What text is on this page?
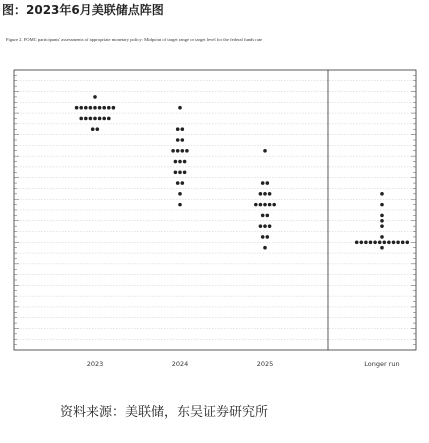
图：2023年6月美联储点阵图
Figure 2. FOMC participants' assessments of appropriate monetary policy: Midpoint of target range or target level for the federal funds rate
2023	2024	2025	Longer run
资料来源：美联储，东吴证券研究所
